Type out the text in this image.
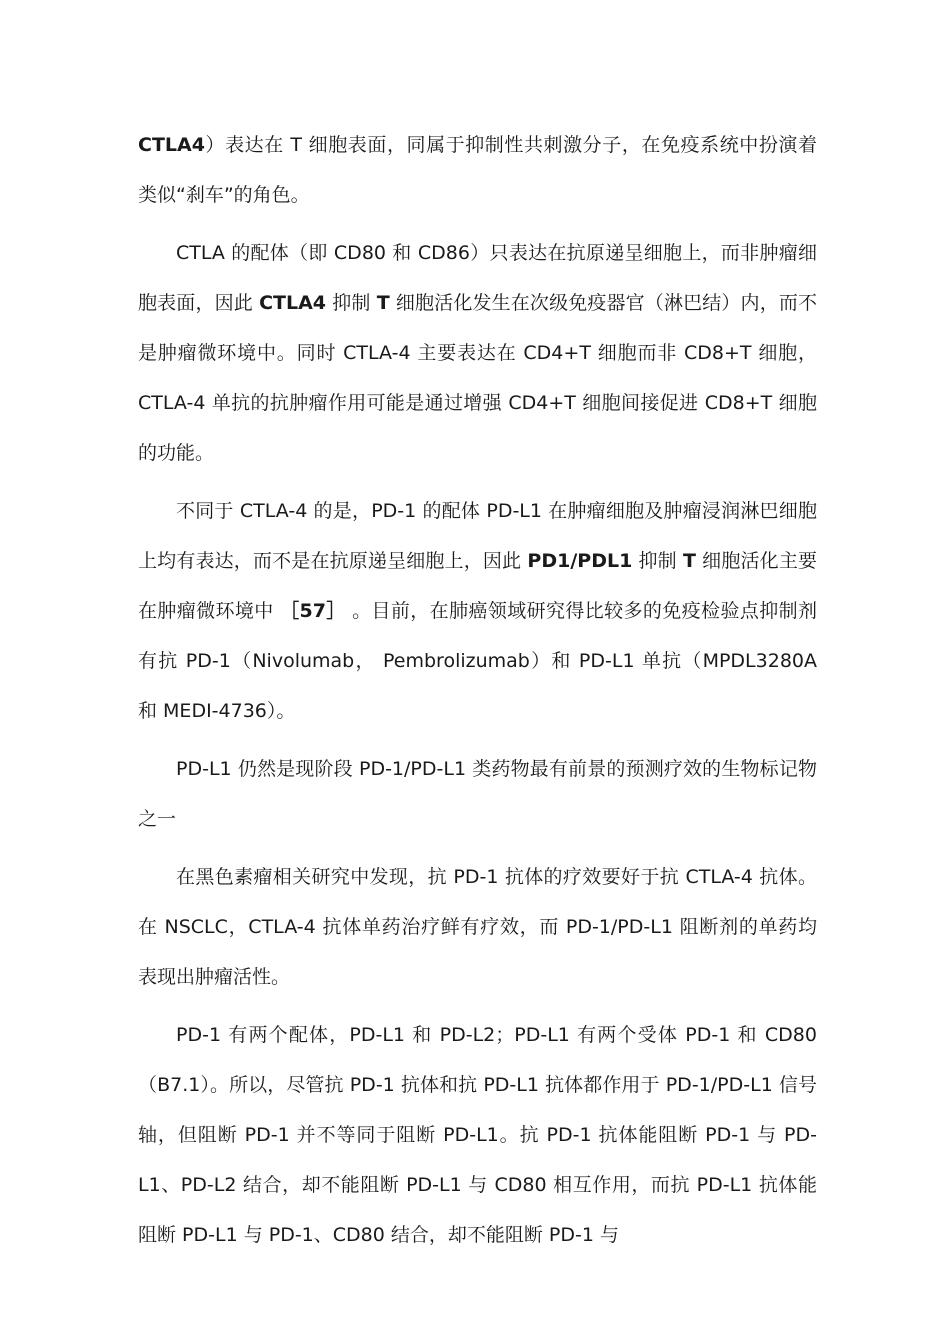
CTLA4）表达在 T 细胞表面，同属于抑制性共刺激分子，在免疫系统中扮演着类似“刹车”的角色。

CTLA 的配体（即 CD80 和 CD86）只表达在抗原递呈细胞上，而非肿瘤细胞表面，因此 CTLA4 抑制 T 细胞活化发生在次级免疫器官（淋巴结）内，而不是肿瘤微环境中。同时 CTLA-4 主要表达在 CD4+T 细胞而非 CD8+T 细胞，CTLA-4 单抗的抗肿瘤作用可能是通过增强 CD4+T 细胞间接促进 CD8+T 细胞的功能。

不同于 CTLA-4 的是，PD-1 的配体 PD-L1 在肿瘤细胞及肿瘤浸润淋巴细胞上均有表达，而不是在抗原递呈细胞上，因此 PD1/PDL1 抑制 T 细胞活化主要在肿瘤微环境中 ［57］ 。目前，在肺癌领域研究得比较多的免疫检验点抑制剂有抗 PD-1（Nivolumab， Pembrolizumab）和 PD-L1 单抗（MPDL3280A 和 MEDI-4736）。

PD-L1 仍然是现阶段 PD-1/PD-L1 类药物最有前景的预测疗效的生物标记物之一

在黑色素瘤相关研究中发现，抗 PD-1 抗体的疗效要好于抗 CTLA-4 抗体。在 NSCLC，CTLA-4 抗体单药治疗鲜有疗效，而 PD-1/PD-L1 阻断剂的单药均表现出肿瘤活性。

PD-1 有两个配体，PD-L1 和 PD-L2；PD-L1 有两个受体 PD-1 和 CD80（B7.1）。所以，尽管抗 PD-1 抗体和抗 PD-L1 抗体都作用于 PD-1/PD-L1 信号轴，但阻断 PD-1 并不等同于阻断 PD-L1。抗 PD-1 抗体能阻断 PD-1 与 PD-L1、PD-L2 结合，却不能阻断 PD-L1 与 CD80 相互作用，而抗 PD-L1 抗体能阻断 PD-L1 与 PD-1、CD80 结合，却不能阻断 PD-1 与
